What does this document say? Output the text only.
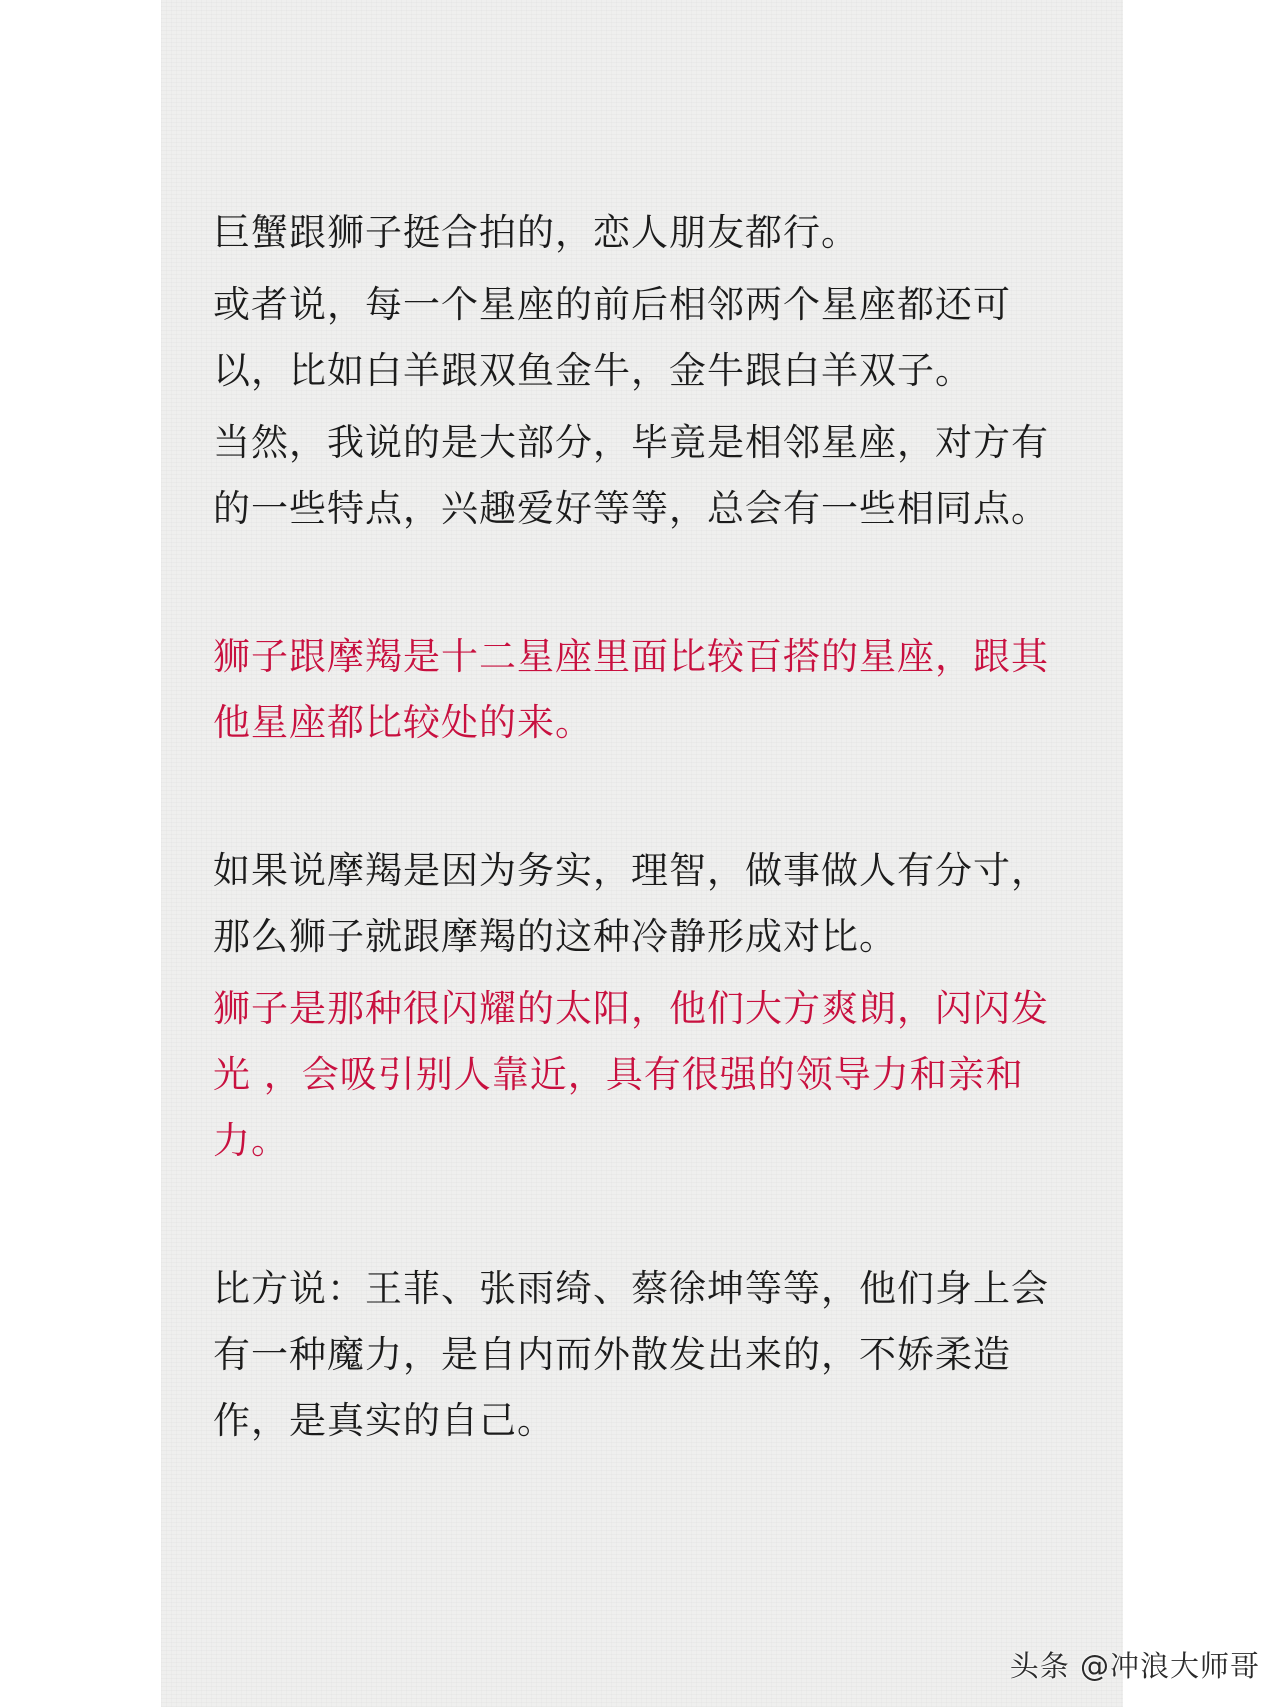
巨蟹跟狮子挺合拍的，恋人朋友都行。

或者说，每一个星座的前后相邻两个星座都还可以，比如白羊跟双鱼金牛，金牛跟白羊双子。

当然，我说的是大部分，毕竟是相邻星座，对方有的一些特点，兴趣爱好等等，总会有一些相同点。

狮子跟摩羯是十二星座里面比较百搭的星座，跟其他星座都比较处的来。

如果说摩羯是因为务实，理智，做事做人有分寸，那么狮子就跟摩羯的这种冷静形成对比。

狮子是那种很闪耀的太阳，他们大方爽朗，闪闪发光 ，会吸引别人靠近，具有很强的领导力和亲和力。

比方说：王菲、张雨绮、蔡徐坤等等，他们身上会有一种魔力，是自内而外散发出来的，不娇柔造作，是真实的自己。

头条 @冲浪大师哥
